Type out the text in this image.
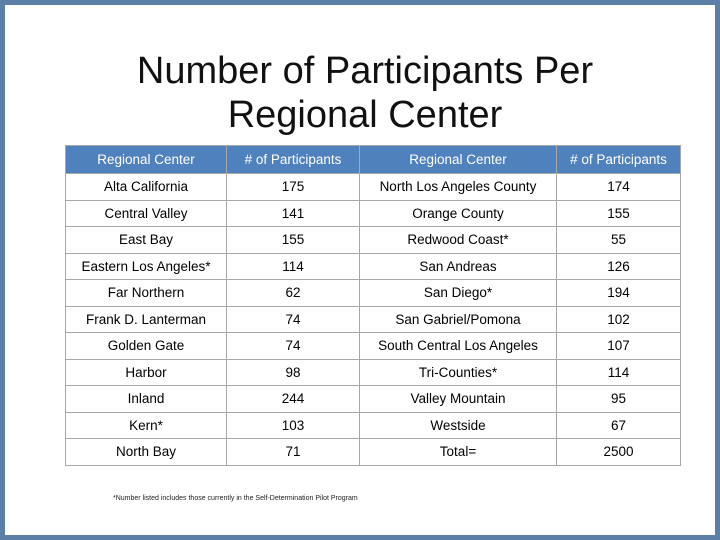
Number of Participants Per
Regional Center
Regional Center	# of Participants	Regional Center	# of Participants
Alta California	175	North Los Angeles County	174
Central Valley	141	Orange County	155
East Bay	155	Redwood Coast*	55
Eastern Los Angeles*	114	San Andreas	126
Far Northern	62	San Diego*	194
Frank D. Lanterman	74	San Gabriel/Pomona	102
Golden Gate	74	South Central Los Angeles	107
Harbor	98	Tri-Counties*	114
Inland	244	Valley Mountain	95
Kern*	103	Westside	67
North Bay	71	Total=	2500
*Number listed includes those currently in the Self-Determination Pilot Program
